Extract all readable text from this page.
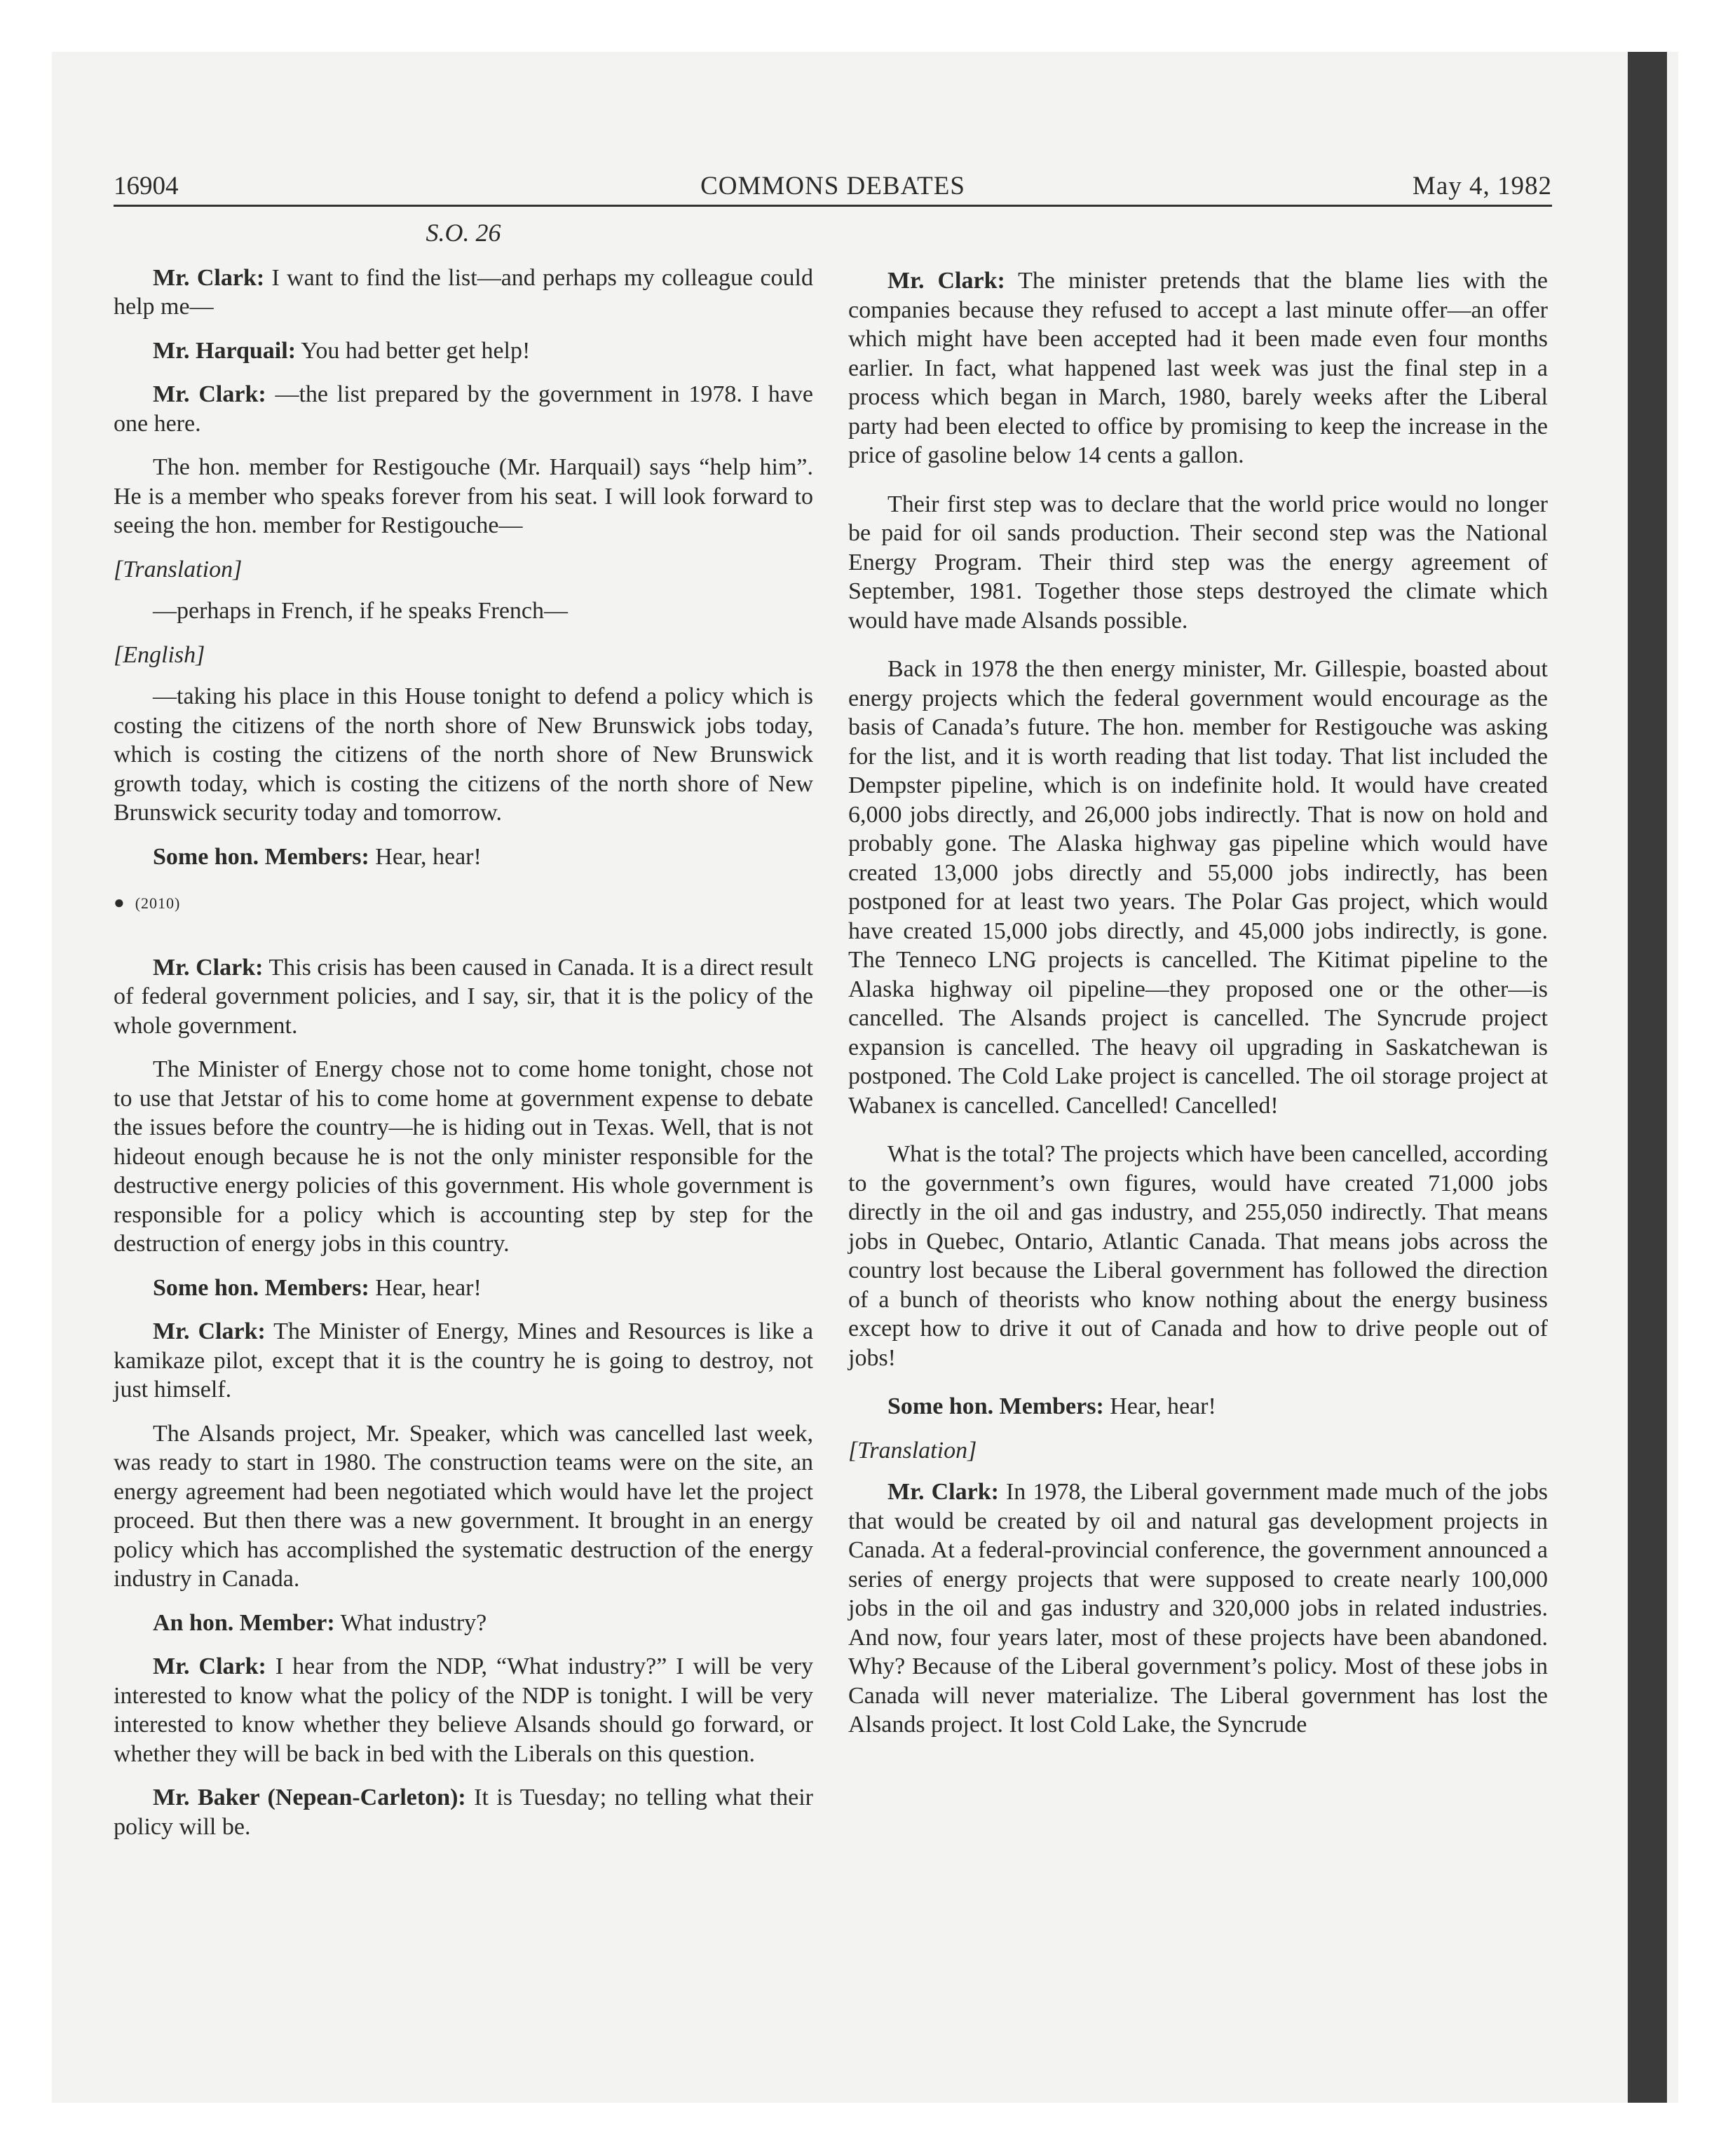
16904	COMMONS DEBATES	May 4, 1982
S.O. 26

Mr. Clark: I want to find the list—and perhaps my colleague could help me—

Mr. Harquail: You had better get help!

Mr. Clark: —the list prepared by the government in 1978. I have one here.

The hon. member for Restigouche (Mr. Harquail) says “help him”. He is a member who speaks forever from his seat. I will look forward to seeing the hon. member for Restigouche—

[Translation]

—perhaps in French, if he speaks French—

[English]

—taking his place in this House tonight to defend a policy which is costing the citizens of the north shore of New Brunswick jobs today, which is costing the citizens of the north shore of New Brunswick growth today, which is costing the citizens of the north shore of New Brunswick security today and tomorrow.

Some hon. Members: Hear, hear!

● (2010)

Mr. Clark: This crisis has been caused in Canada. It is a direct result of federal government policies, and I say, sir, that it is the policy of the whole government.

The Minister of Energy chose not to come home tonight, chose not to use that Jetstar of his to come home at government expense to debate the issues before the country—he is hiding out in Texas. Well, that is not hideout enough because he is not the only minister responsible for the destructive energy policies of this government. His whole government is responsible for a policy which is accounting step by step for the destruction of energy jobs in this country.

Some hon. Members: Hear, hear!

Mr. Clark: The Minister of Energy, Mines and Resources is like a kamikaze pilot, except that it is the country he is going to destroy, not just himself.

The Alsands project, Mr. Speaker, which was cancelled last week, was ready to start in 1980. The construction teams were on the site, an energy agreement had been negotiated which would have let the project proceed. But then there was a new government. It brought in an energy policy which has accomplished the systematic destruction of the energy industry in Canada.

An hon. Member: What industry?

Mr. Clark: I hear from the NDP, “What industry?” I will be very interested to know what the policy of the NDP is tonight. I will be very interested to know whether they believe Alsands should go forward, or whether they will be back in bed with the Liberals on this question.

Mr. Baker (Nepean-Carleton): It is Tuesday; no telling what their policy will be.

Mr. Clark: The minister pretends that the blame lies with the companies because they refused to accept a last minute offer—an offer which might have been accepted had it been made even four months earlier. In fact, what happened last week was just the final step in a process which began in March, 1980, barely weeks after the Liberal party had been elected to office by promising to keep the increase in the price of gasoline below 14 cents a gallon.

Their first step was to declare that the world price would no longer be paid for oil sands production. Their second step was the National Energy Program. Their third step was the energy agreement of September, 1981. Together those steps destroyed the climate which would have made Alsands possible.

Back in 1978 the then energy minister, Mr. Gillespie, boasted about energy projects which the federal government would encourage as the basis of Canada’s future. The hon. member for Restigouche was asking for the list, and it is worth reading that list today. That list included the Dempster pipeline, which is on indefinite hold. It would have created 6,000 jobs directly, and 26,000 jobs indirectly. That is now on hold and probably gone. The Alaska highway gas pipeline which would have created 13,000 jobs directly and 55,000 jobs indirectly, has been postponed for at least two years. The Polar Gas project, which would have created 15,000 jobs directly, and 45,000 jobs indirectly, is gone. The Tenneco LNG projects is cancelled. The Kitimat pipeline to the Alaska highway oil pipeline—they proposed one or the other—is cancelled. The Alsands project is cancelled. The Syncrude project expansion is cancelled. The heavy oil upgrading in Saskatchewan is postponed. The Cold Lake project is cancelled. The oil storage project at Wabanex is cancelled. Cancelled! Cancelled!

What is the total? The projects which have been cancelled, according to the government’s own figures, would have created 71,000 jobs directly in the oil and gas industry, and 255,050 indirectly. That means jobs in Quebec, Ontario, Atlantic Canada. That means jobs across the country lost because the Liberal government has followed the direction of a bunch of theorists who know nothing about the energy business except how to drive it out of Canada and how to drive people out of jobs!

Some hon. Members: Hear, hear!

[Translation]

Mr. Clark: In 1978, the Liberal government made much of the jobs that would be created by oil and natural gas development projects in Canada. At a federal-provincial conference, the government announced a series of energy projects that were supposed to create nearly 100,000 jobs in the oil and gas industry and 320,000 jobs in related industries. And now, four years later, most of these projects have been abandoned. Why? Because of the Liberal government’s policy. Most of these jobs in Canada will never materialize. The Liberal government has lost the Alsands project. It lost Cold Lake, the Syncrude
